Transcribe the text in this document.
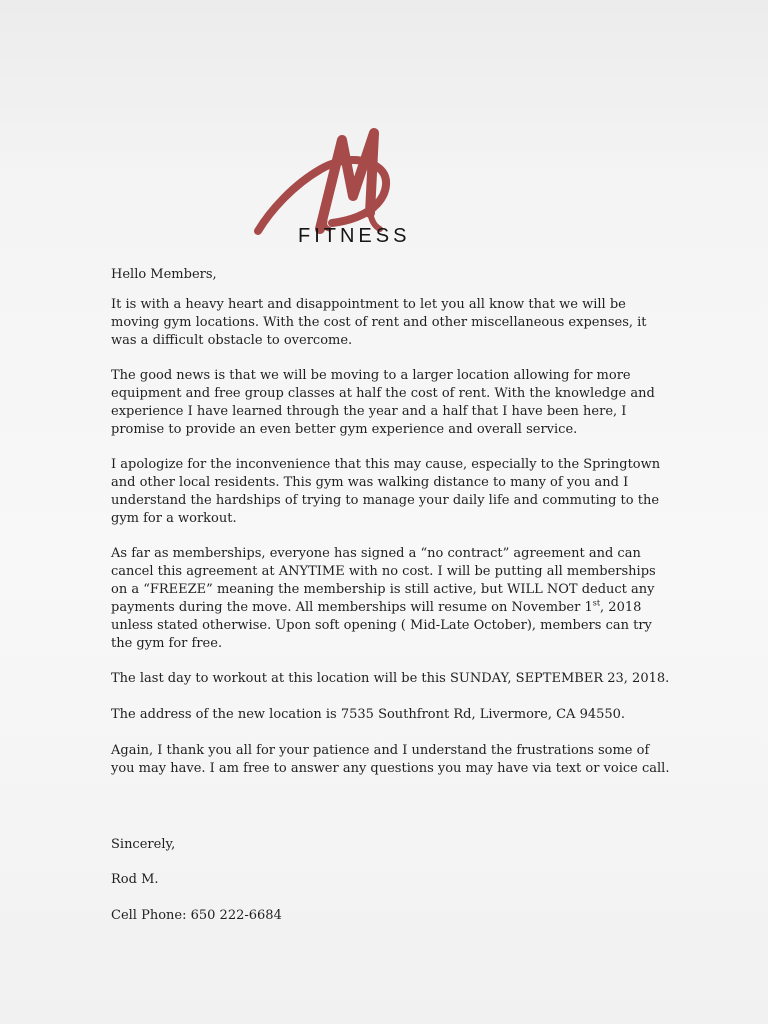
FITNESS

Hello Members,

It is with a heavy heart and disappointment to let you all know that we will be moving gym locations. With the cost of rent and other miscellaneous expenses, it was a difficult obstacle to overcome.

The good news is that we will be moving to a larger location allowing for more equipment and free group classes at half the cost of rent. With the knowledge and experience I have learned through the year and a half that I have been here, I promise to provide an even better gym experience and overall service.

I apologize for the inconvenience that this may cause, especially to the Springtown and other local residents. This gym was walking distance to many of you and I understand the hardships of trying to manage your daily life and commuting to the gym for a workout.

As far as memberships, everyone has signed a “no contract” agreement and can cancel this agreement at ANYTIME with no cost. I will be putting all memberships on a “FREEZE” meaning the membership is still active, but WILL NOT deduct any payments during the move. All memberships will resume on November 1st, 2018 unless stated otherwise. Upon soft opening ( Mid-Late October), members can try the gym for free.

The last day to workout at this location will be this SUNDAY, SEPTEMBER 23, 2018.

The address of the new location is 7535 Southfront Rd, Livermore, CA 94550.

Again, I thank you all for your patience and I understand the frustrations some of you may have. I am free to answer any questions you may have via text or voice call.

Sincerely,

Rod M.

Cell Phone: 650 222-6684
